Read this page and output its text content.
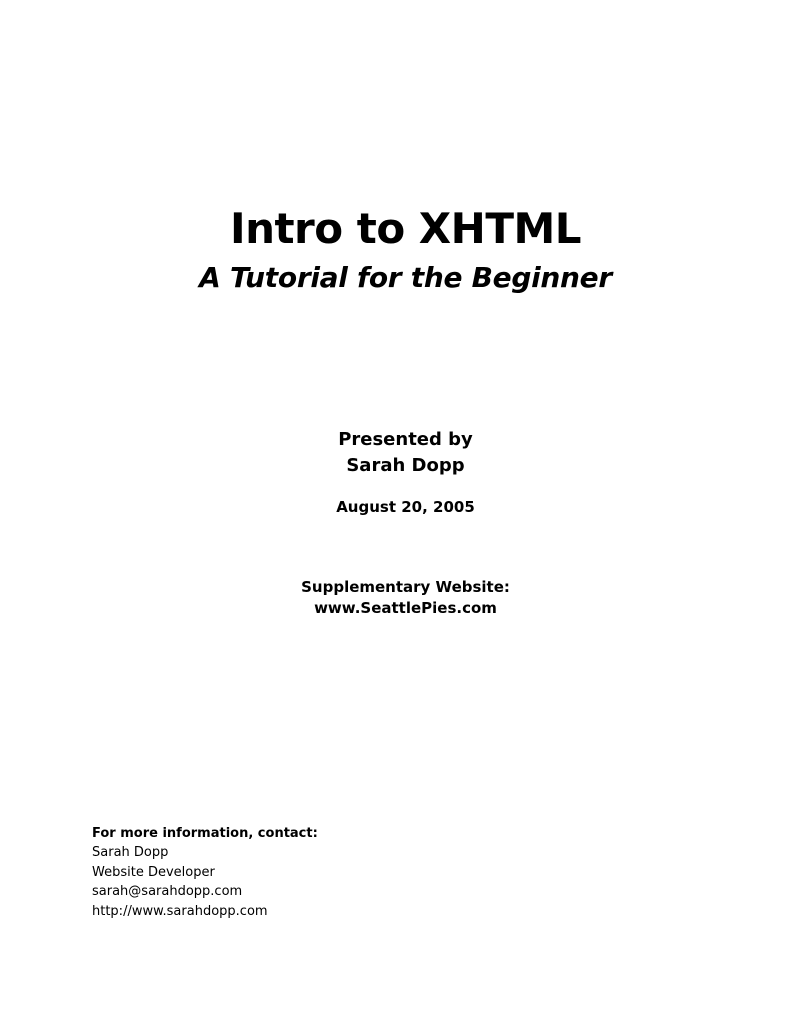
Intro to XHTML
A Tutorial for the Beginner
Presented by
Sarah Dopp
August 20, 2005
Supplementary Website:
www.SeattlePies.com
For more information, contact:
Sarah Dopp
Website Developer
sarah@sarahdopp.com
http://www.sarahdopp.com
